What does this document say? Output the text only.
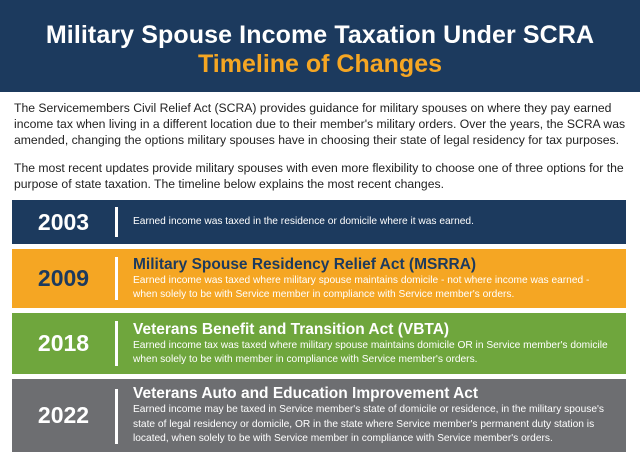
Military Spouse Income Taxation Under SCRA
Timeline of Changes

The Servicemembers Civil Relief Act (SCRA) provides guidance for military spouses on where they pay earned income tax when living in a different location due to their member's military orders. Over the years, the SCRA was amended, changing the options military spouses have in choosing their state of legal residency for tax purposes.

The most recent updates provide military spouses with even more flexibility to choose one of three options for the purpose of state taxation. The timeline below explains the most recent changes.

2003	Earned income was taxed in the residence or domicile where it was earned.
2009
Military Spouse Residency Relief Act (MSRRA)
Earned income was taxed where military spouse maintains domicile - not where income was earned - when solely to be with Service member in compliance with Service member's orders.
2018
Veterans Benefit and Transition Act (VBTA)
Earned income tax was taxed where military spouse maintains domicile OR in Service member's domicile when solely to be with member in compliance with Service member's orders.
2022
Veterans Auto and Education Improvement Act
Earned income may be taxed in Service member's state of domicile or residence, in the military spouse's state of legal residency or domicile, OR in the state where Service member's permanent duty station is located, when solely to be with Service member in compliance with Service member's orders.
